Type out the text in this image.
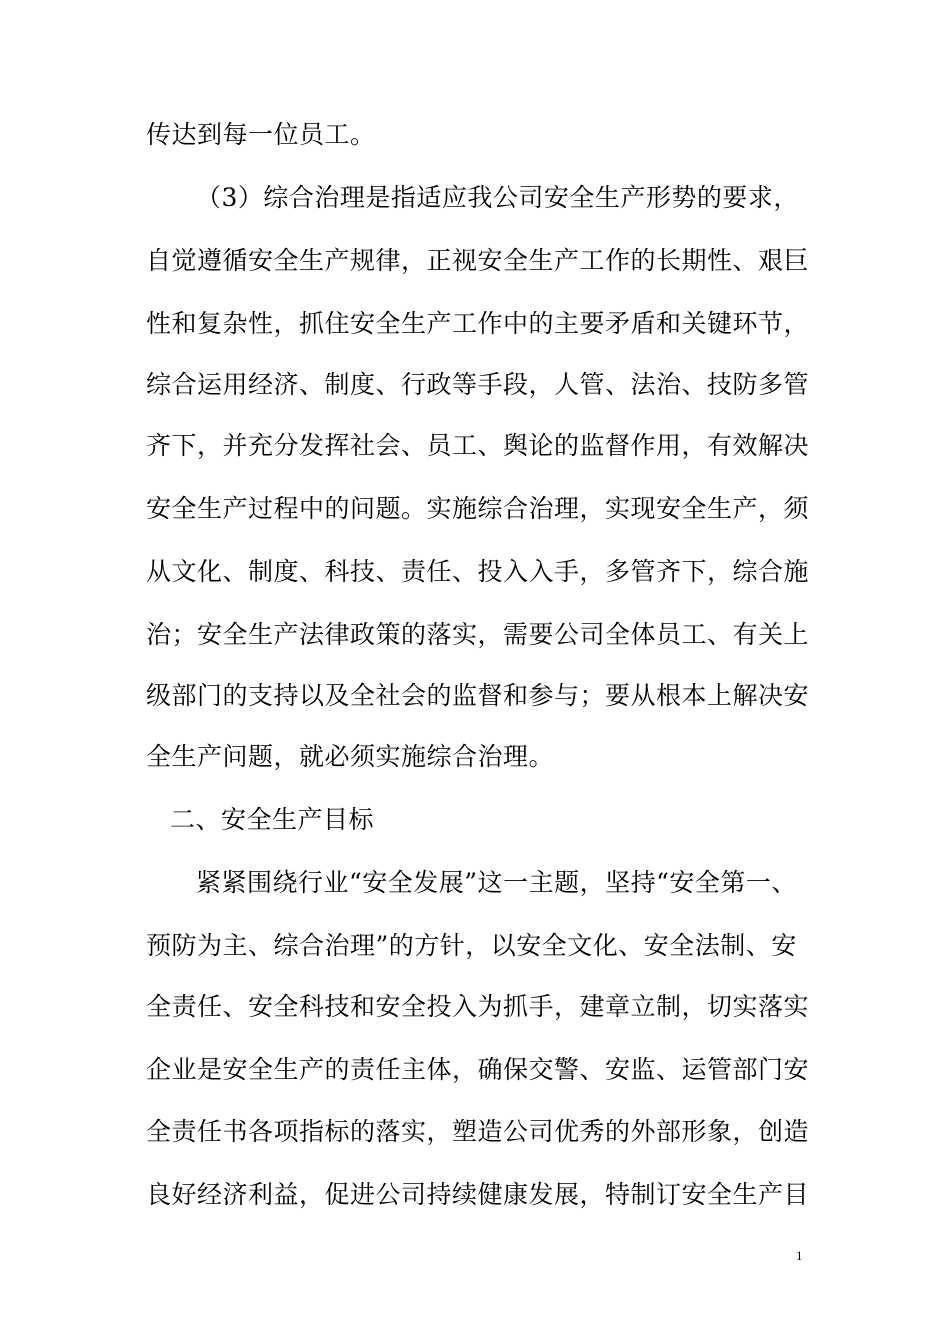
传达到每一位员工。
（3）综合治理是指适应我公司安全生产形势的要求，
自觉遵循安全生产规律，正视安全生产工作的长期性、艰巨
性和复杂性，抓住安全生产工作中的主要矛盾和关键环节，
综合运用经济、制度、行政等手段，人管、法治、技防多管
齐下，并充分发挥社会、员工、舆论的监督作用，有效解决
安全生产过程中的问题。实施综合治理，实现安全生产，须
从文化、制度、科技、责任、投入入手，多管齐下，综合施
治；安全生产法律政策的落实，需要公司全体员工、有关上
级部门的支持以及全社会的监督和参与；要从根本上解决安
全生产问题，就必须实施综合治理。
二、安全生产目标
紧紧围绕行业“安全发展”这一主题，坚持“安全第一、
预防为主、综合治理”的方针，以安全文化、安全法制、安
全责任、安全科技和安全投入为抓手，建章立制，切实落实
企业是安全生产的责任主体，确保交警、安监、运管部门安
全责任书各项指标的落实，塑造公司优秀的外部形象，创造
良好经济利益，促进公司持续健康发展，特制订安全生产目
1
